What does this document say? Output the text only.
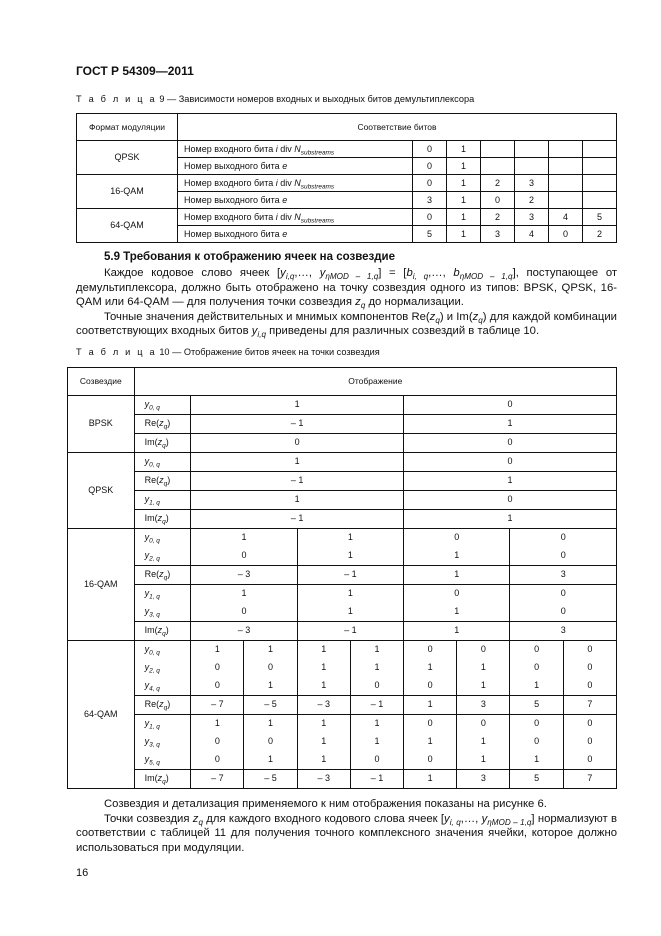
ГОСТ Р 54309—2011
Т а б л и ц а 9 — Зависимости номеров входных и выходных битов демультиплексора
Формат модуляции	Соответствие битов						
QPSK	Номер входного бита i div $N_{substreams}$	0	1				
	Номер выходного бита e	0	1				
16-QAM	Номер входного бита i div $N_{substreams}$	0	1	2	3		
	Номер выходного бита e	3	1	0	2		
64-QAM	Номер входного бита i div $N_{substreams}$	0	1	2	3	4	5
	Номер выходного бита e	5	1	3	4	0	2
5.9 Требования к отображению ячеек на созвездие

Каждое кодовое слово ячеек [$y_{i,q},\dots$, $y_{\eta MOD - 1,q}$] = [$b_{i, q},\dots$, $b_{\eta MOD - 1,q}$], поступающее от демультиплексора, должно быть отображено на точку созвездия одного из типов: BPSK, QPSK, 16-QAM или 64-QAM — для получения точки созвездия $z_q$ до нормализации.

Точные значения действительных и мнимых компонентов $Re(z_q)$ и $Im(z_q)$ для каждой комбинации соответствующих входных битов $y_{i,q}$ приведены для различных созвездий в таблице 10.

Т а б л и ц а 10 — Отображение битов ячеек на точки созвездия
Созвездие	Отображение								
BPSK	$y_{0, q}$	1				0			
	$Re(z_q)$	– 1				1			
	$Im(z_q)$	0				0			
QPSK	$y_{0, q}$	1				0			
	$Re(z_q)$	– 1				1			
	$y_{1, q}$	1				0			
	$Im(z_q)$	– 1				1			
16-QAM	$y_{0, q}$	1		1		0		0	
	$y_{2, q}$	0		1		1		0	
	$Re(z_q)$	– 3		– 1		1		3	
	$y_{1, q}$	1		1		0		0	
	$y_{3, q}$	0		1		1		0	
	$Im(z_q)$	– 3		– 1		1		3	
64-QAM	$y_{0, q}$	1	1	1	1	0	0	0	0
	$y_{2, q}$	0	0	1	1	1	1	0	0
	$y_{4, q}$	0	1	1	0	0	1	1	0
	$Re(z_q)$	– 7	– 5	– 3	– 1	1	3	5	7
	$y_{1, q}$	1	1	1	1	0	0	0	0
	$y_{3, q}$	0	0	1	1	1	1	0	0
	$y_{5, q}$	0	1	1	0	0	1	1	0
	$Im(z_q)$	– 7	– 5	– 3	– 1	1	3	5	7

Созвездия и детализация применяемого к ним отображения показаны на рисунке 6.

Точки созвездия $z_q$ для каждого входного кодового слова ячеек [$y_{i, q},\dots$, $y_{\eta MOD - 1,q}$] нормализуют в соответствии с таблицей 11 для получения точного комплексного значения ячейки, которое должно использоваться при модуляции.

16
